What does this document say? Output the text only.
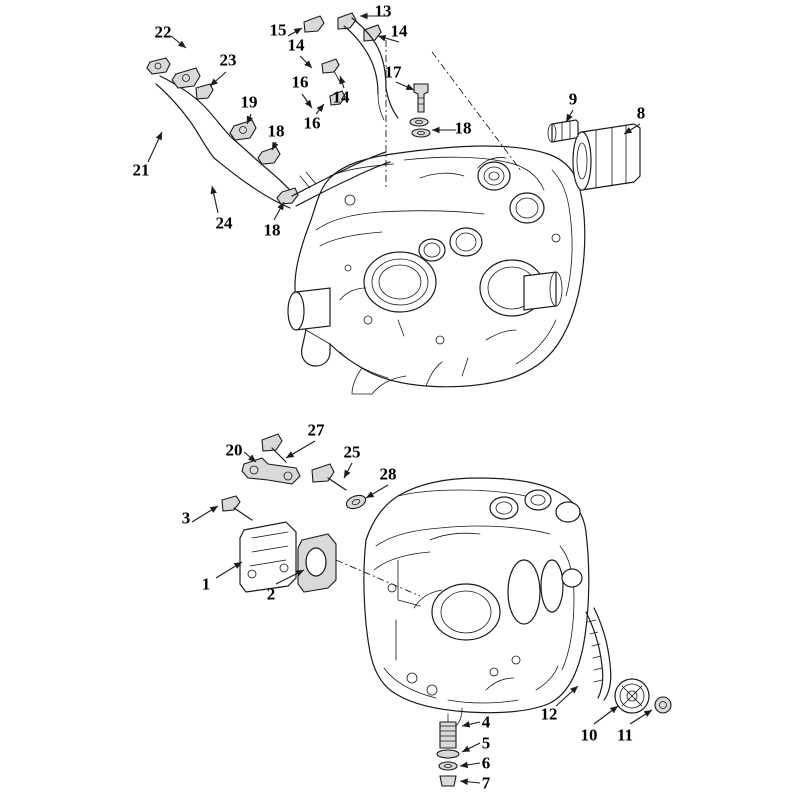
22
23
21
24
19
18
18
16
16
15
14
14
14
13
17
18
9
8
27
20	25
28
3
1
2
4
5
6
7
12
10 11
